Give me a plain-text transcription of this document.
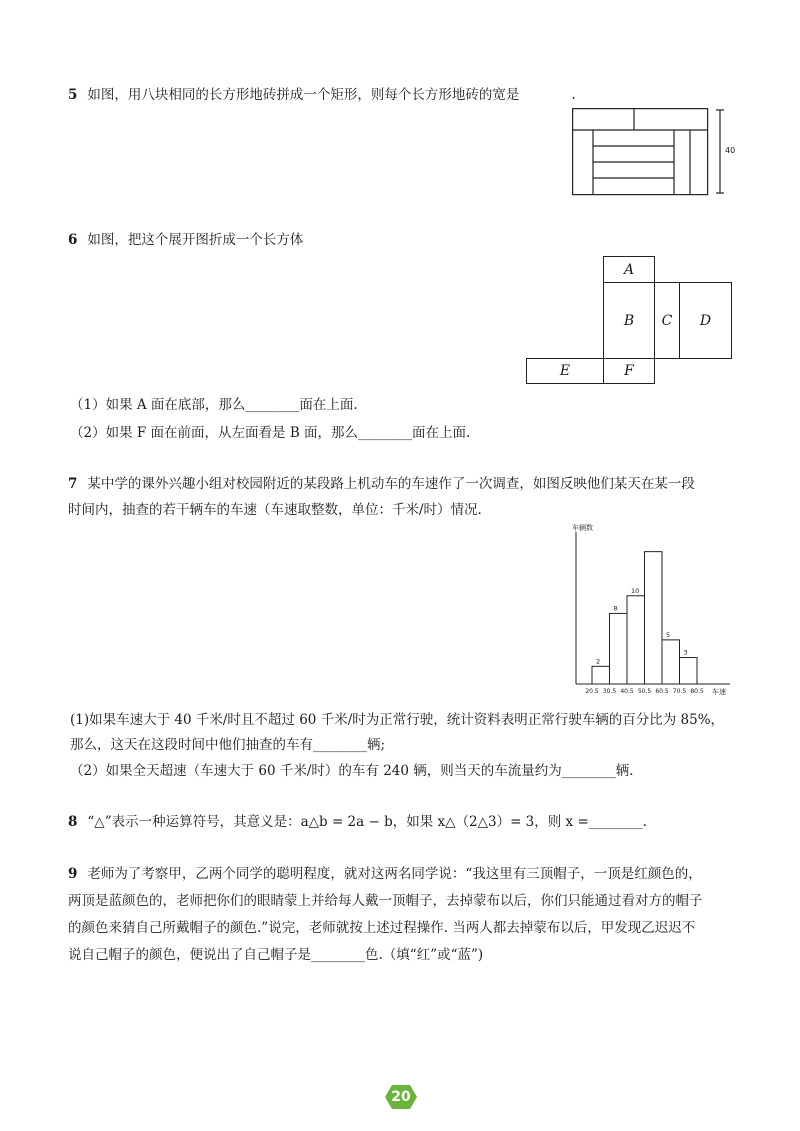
5 如图，用八块相同的长方形地砖拼成一个矩形，则每个长方形地砖的宽是	.
40
6 如图，把这个展开图折成一个长方体
A
B	C	D
E	F
（1）如果 A 面在底部，那么________面在上面.
（2）如果 F 面在前面，从左面看是 B 面，那么________面在上面.
7 某中学的课外兴趣小组对校园附近的某段路上机动车的车速作了一次调查，如图反映他们某天在某一段
时间内，抽查的若干辆车的车速（车速取整数，单位：千米/时）情况.
车辆数
车速
2
8
10
5
3
20.5 30.5 40.5 50.5 60.5 70.5 80.5
(1)如果车速大于 40 千米/时且不超过 60 千米/时为正常行驶，统计资料表明正常行驶车辆的百分比为 85%，
那么，这天在这段时间中他们抽查的车有________辆;
（2）如果全天超速（车速大于 60 千米/时）的车有 240 辆，则当天的车流量约为________辆.
8 “△”表示一种运算符号，其意义是：a△b = 2a − b，如果 x△（2△3）= 3，则 x =________.
9 老师为了考察甲，乙两个同学的聪明程度，就对这两名同学说：“我这里有三顶帽子，一顶是红颜色的，
两顶是蓝颜色的，老师把你们的眼睛蒙上并给每人戴一顶帽子，去掉蒙布以后，你们只能通过看对方的帽子
的颜色来猜自己所戴帽子的颜色.”说完，老师就按上述过程操作. 当两人都去掉蒙布以后，甲发现乙迟迟不
说自己帽子的颜色，便说出了自己帽子是________色.（填“红”或“蓝”)
20
